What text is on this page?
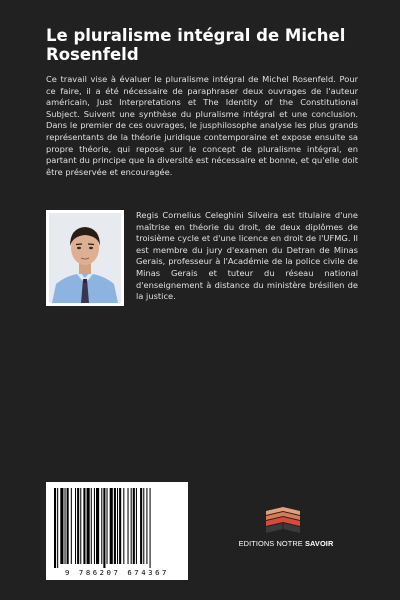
Le pluralisme intégral de Michel Rosenfeld

Ce travail vise à évaluer le pluralisme intégral de Michel Rosenfeld. Pour ce faire, il a été nécessaire de paraphraser deux ouvrages de l'auteur américain, Just Interpretations et The Identity of the Constitutional Subject. Suivent une synthèse du pluralisme intégral et une conclusion. Dans le premier de ces ouvrages, le jusphilosophe analyse les plus grands représentants de la théorie juridique contemporaine et expose ensuite sa propre théorie, qui repose sur le concept de pluralisme intégral, en partant du principe que la diversité est nécessaire et bonne, et qu'elle doit être préservée et encouragée.

Regis Cornelius Celeghini Silveira est titulaire d'une maîtrise en théorie du droit, de deux diplômes de troisième cycle et d'une licence en droit de l'UFMG. Il est membre du jury d'examen du Detran de Minas Gerais, professeur à l'Académie de la police civile de Minas Gerais et tuteur du réseau national d'enseignement à distance du ministère brésilien de la justice.

9 786207 674367
EDITIONS NOTRE SAVOIR
